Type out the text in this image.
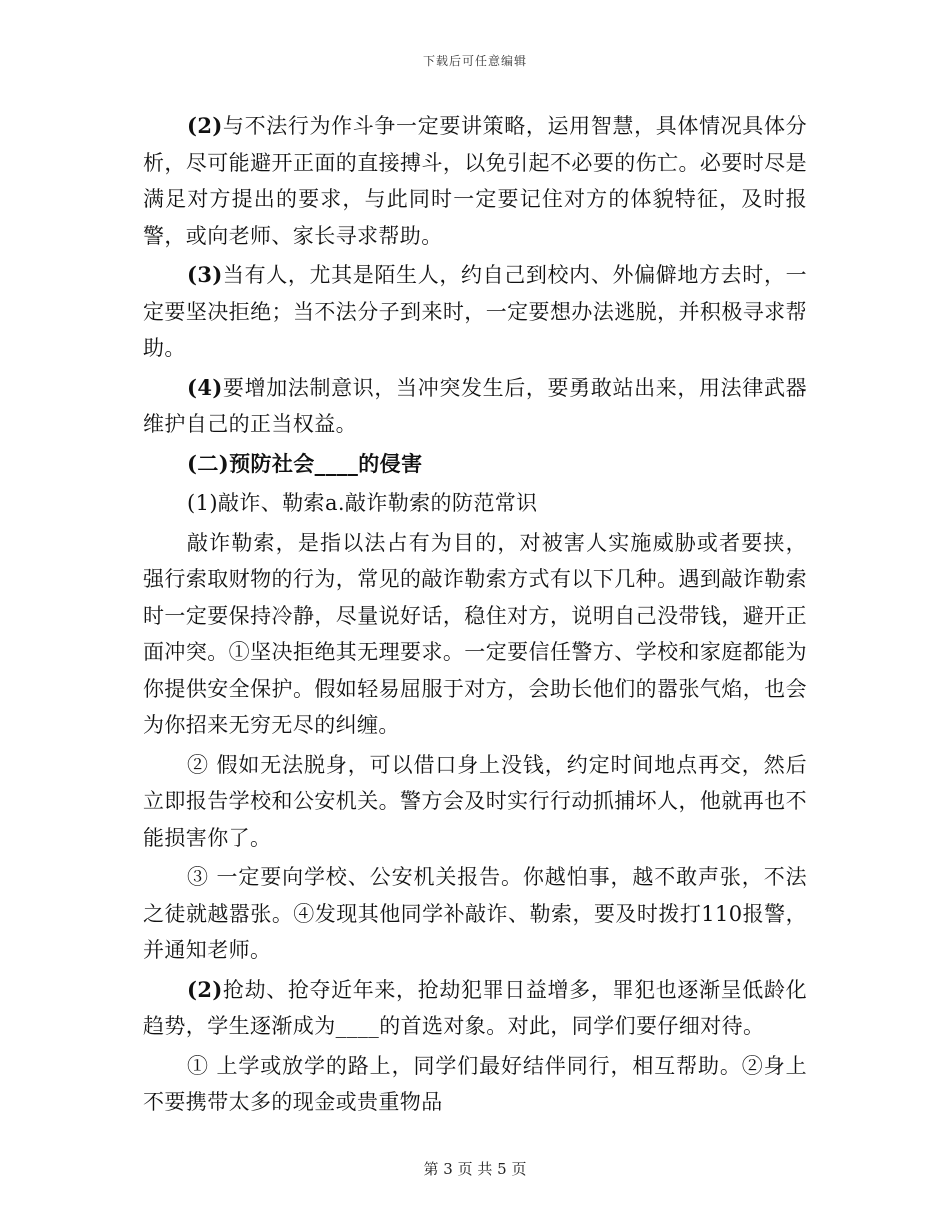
下载后可任意编辑

(2)与不法行为作斗争一定要讲策略，运用智慧，具体情况具体分析，尽可能避开正面的直接搏斗，以免引起不必要的伤亡。必要时尽是满足对方提出的要求，与此同时一定要记住对方的体貌特征，及时报警，或向老师、家长寻求帮助。

(3)当有人，尤其是陌生人，约自己到校内、外偏僻地方去时，一定要坚决拒绝；当不法分子到来时，一定要想办法逃脱，并积极寻求帮助。

(4)要增加法制意识，当冲突发生后，要勇敢站出来，用法律武器维护自己的正当权益。

(二)预防社会____的侵害

(1)敲诈、勒索a.敲诈勒索的防范常识

敲诈勒索，是指以法占有为目的，对被害人实施威胁或者要挟，强行索取财物的行为，常见的敲诈勒索方式有以下几种。遇到敲诈勒索时一定要保持冷静，尽量说好话，稳住对方，说明自己没带钱，避开正面冲突。①坚决拒绝其无理要求。一定要信任警方、学校和家庭都能为你提供安全保护。假如轻易屈服于对方，会助长他们的嚣张气焰，也会为你招来无穷无尽的纠缠。

② 假如无法脱身，可以借口身上没钱，约定时间地点再交，然后立即报告学校和公安机关。警方会及时实行行动抓捕坏人，他就再也不能损害你了。

③ 一定要向学校、公安机关报告。你越怕事，越不敢声张，不法之徒就越嚣张。④发现其他同学补敲诈、勒索，要及时拨打110报警，并通知老师。

(2)抢劫、抢夺近年来，抢劫犯罪日益增多，罪犯也逐渐呈低龄化趋势，学生逐渐成为____的首选对象。对此，同学们要仔细对待。

① 上学或放学的路上，同学们最好结伴同行，相互帮助。②身上不要携带太多的现金或贵重物品

第 3 页 共 5 页
